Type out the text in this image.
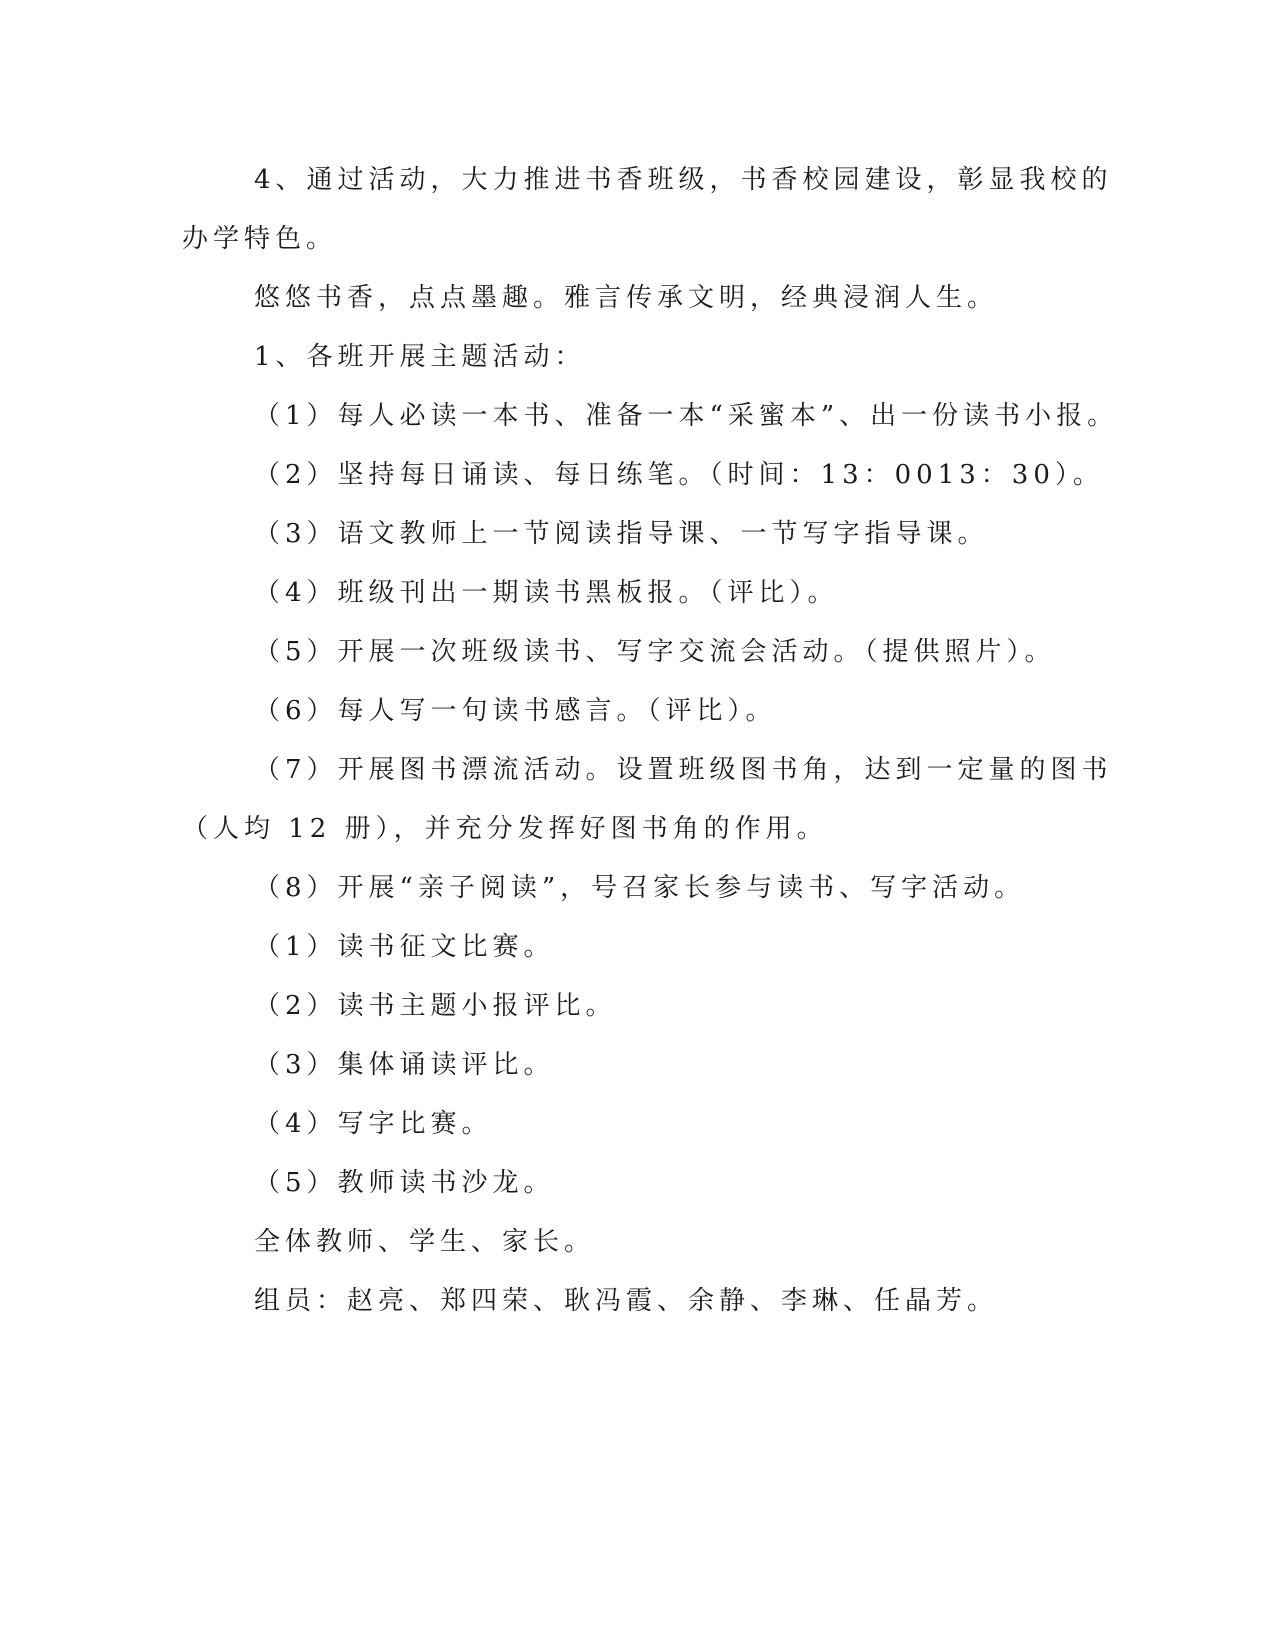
4、通过活动，大力推进书香班级，书香校园建设，彰显我校的
办学特色。
悠悠书香，点点墨趣。雅言传承文明，经典浸润人生。
1、各班开展主题活动：
（1）每人必读一本书、准备一本“采蜜本”、出一份读书小报。
（2）坚持每日诵读、每日练笔。（时间：13：0013：30）。
（3）语文教师上一节阅读指导课、一节写字指导课。
（4）班级刊出一期读书黑板报。（评比）。
（5）开展一次班级读书、写字交流会活动。（提供照片）。
（6）每人写一句读书感言。（评比）。
（7）开展图书漂流活动。设置班级图书角，达到一定量的图书
（人均 12 册），并充分发挥好图书角的作用。
（8）开展“亲子阅读”，号召家长参与读书、写字活动。
（1）读书征文比赛。
（2）读书主题小报评比。
（3）集体诵读评比。
（4）写字比赛。
（5）教师读书沙龙。
全体教师、学生、家长。
组员：赵亮、郑四荣、耿冯霞、余静、李琳、任晶芳。
